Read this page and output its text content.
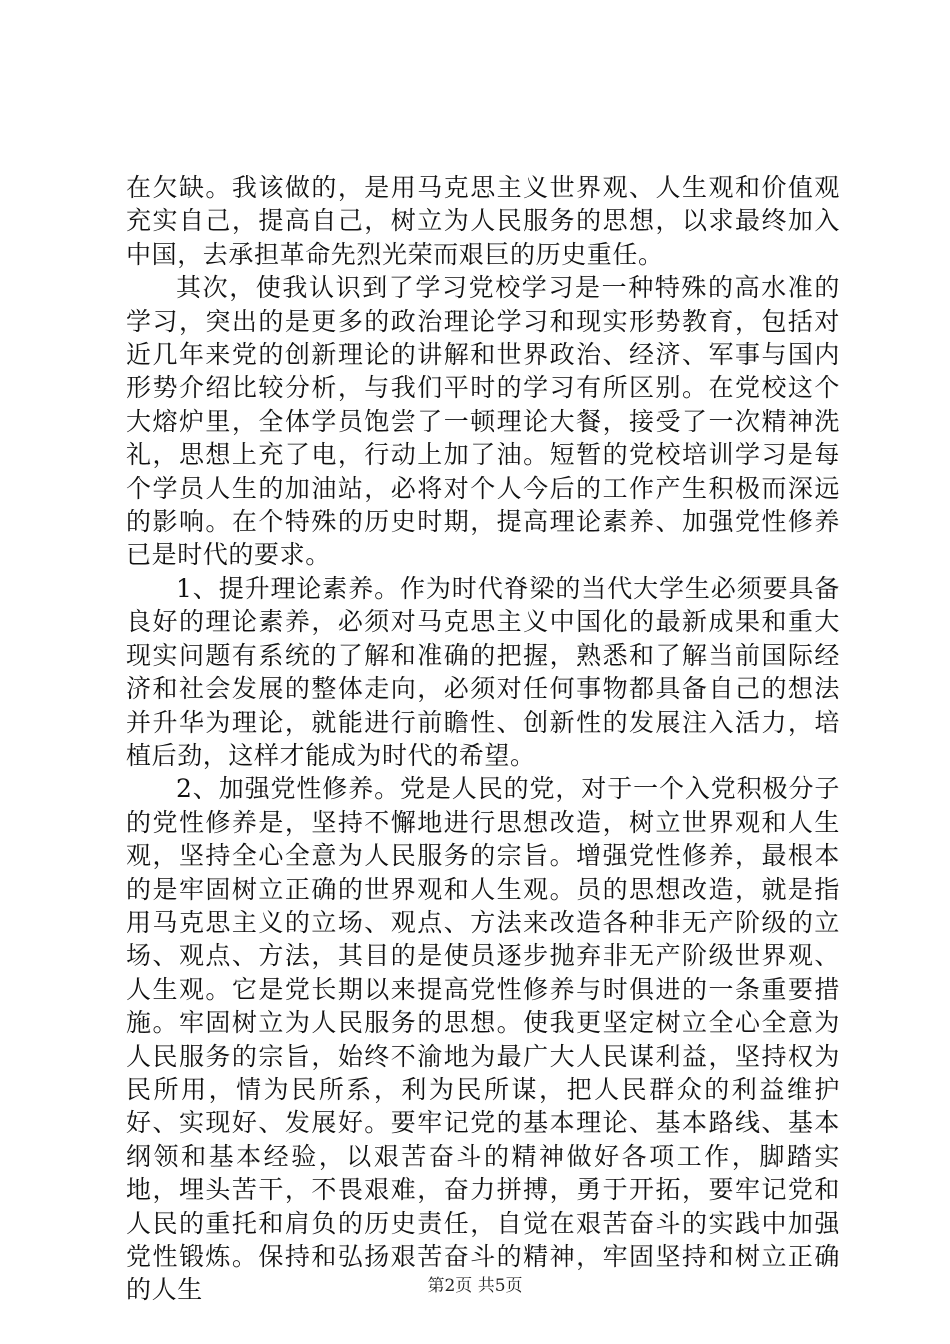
在欠缺。我该做的，是用马克思主义世界观、人生观和价值观充实自己，提高自己，树立为人民服务的思想，以求最终加入中国，去承担革命先烈光荣而艰巨的历史重任。

其次，使我认识到了学习党校学习是一种特殊的高水准的学习，突出的是更多的政治理论学习和现实形势教育，包括对近几年来党的创新理论的讲解和世界政治、经济、军事与国内形势介绍比较分析，与我们平时的学习有所区别。在党校这个大熔炉里，全体学员饱尝了一顿理论大餐，接受了一次精神洗礼，思想上充了电，行动上加了油。短暂的党校培训学习是每个学员人生的加油站，必将对个人今后的工作产生积极而深远的影响。在个特殊的历史时期，提高理论素养、加强党性修养已是时代的要求。

1、提升理论素养。作为时代脊梁的当代大学生必须要具备良好的理论素养，必须对马克思主义中国化的最新成果和重大现实问题有系统的了解和准确的把握，熟悉和了解当前国际经济和社会发展的整体走向，必须对任何事物都具备自己的想法并升华为理论，就能进行前瞻性、创新性的发展注入活力，培植后劲，这样才能成为时代的希望。

2、加强党性修养。党是人民的党，对于一个入党积极分子的党性修养是，坚持不懈地进行思想改造，树立世界观和人生观，坚持全心全意为人民服务的宗旨。增强党性修养，最根本的是牢固树立正确的世界观和人生观。员的思想改造，就是指用马克思主义的立场、观点、方法来改造各种非无产阶级的立场、观点、方法，其目的是使员逐步抛弃非无产阶级世界观、人生观。它是党长期以来提高党性修养与时俱进的一条重要措施。牢固树立为人民服务的思想。使我更坚定树立全心全意为人民服务的宗旨，始终不渝地为最广大人民谋利益，坚持权为民所用，情为民所系，利为民所谋，把人民群众的利益维护好、实现好、发展好。要牢记党的基本理论、基本路线、基本纲领和基本经验，以艰苦奋斗的精神做好各项工作，脚踏实地，埋头苦干，不畏艰难，奋力拼搏，勇于开拓，要牢记党和人民的重托和肩负的历史责任，自觉在艰苦奋斗的实践中加强党性锻炼。保持和弘扬艰苦奋斗的精神，牢固坚持和树立正确的人生	第2页 共5页
